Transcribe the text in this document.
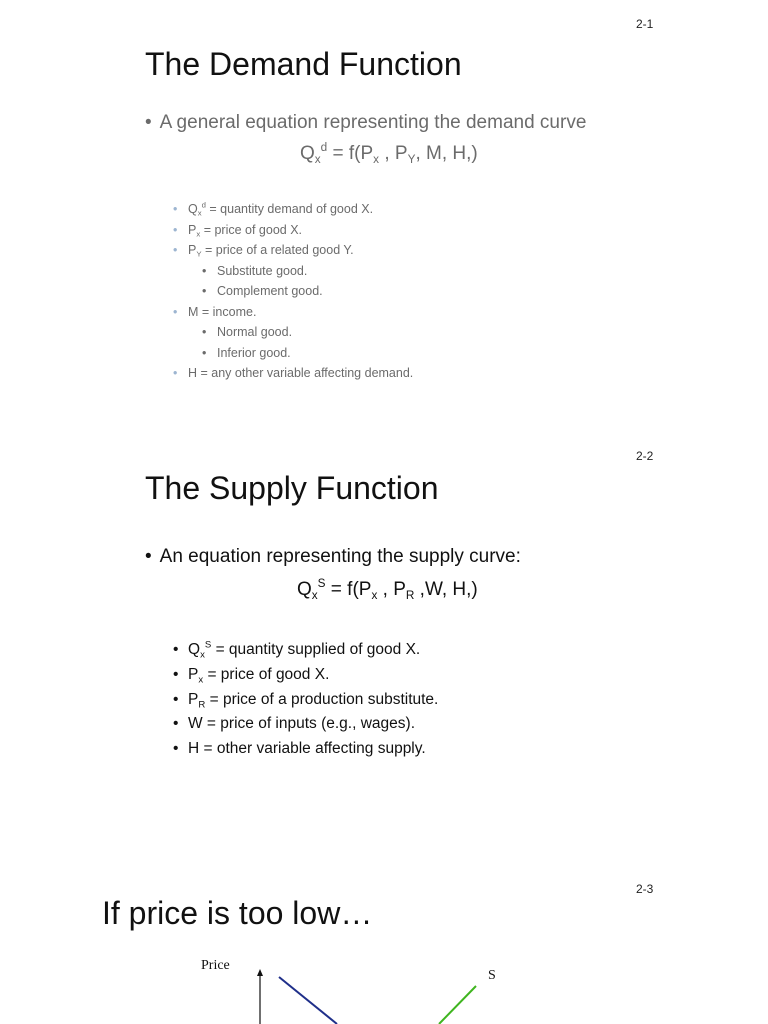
2-1
The Demand Function
• A general equation representing the demand curve
$Q_x^d = f(P_x$ , $P_Y$, M, H,)
• $Q_x^d$ = quantity demand of good X.
• $P_x$ = price of good X.
• $P_Y$ = price of a related good Y.
• Substitute good.
• Complement good.
• M = income.
• Normal good.
• Inferior good.
• H = any other variable affecting demand.
2-2
The Supply Function
• An equation representing the supply curve:
$Q_x^S = f(P_x$ , $P_R$ ,W, H,)
• $Q_x^S$ = quantity supplied of good X.
• $P_x$ = price of good X.
• $P_R$ = price of a production substitute.
• W = price of inputs (e.g., wages).
• H = other variable affecting supply.
2-3
If price is too low…
Price
S
